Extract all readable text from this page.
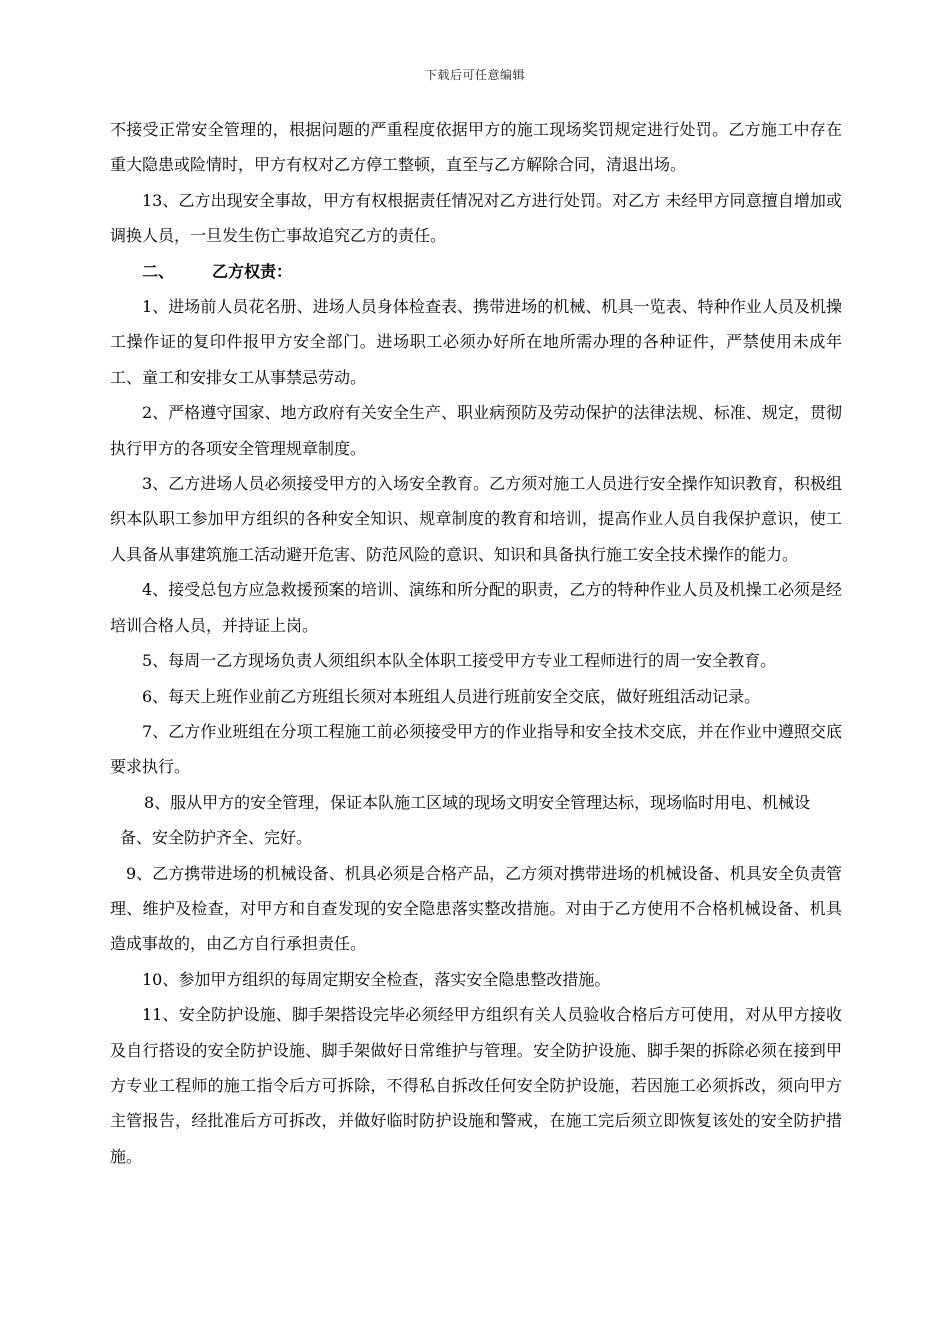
下载后可任意编辑

不接受正常安全管理的，根据问题的严重程度依据甲方的施工现场奖罚规定进行处罚。乙方施工中存在重大隐患或险情时，甲方有权对乙方停工整顿，直至与乙方解除合同，清退出场。

13、乙方出现安全事故，甲方有权根据责任情况对乙方进行处罚。对乙方 未经甲方同意擅自增加或调换人员，一旦发生伤亡事故追究乙方的责任。

二、 乙方权责：

1、进场前人员花名册、进场人员身体检查表、携带进场的机械、机具一览表、特种作业人员及机操工操作证的复印件报甲方安全部门。进场职工必须办好所在地所需办理的各种证件，严禁使用未成年工、童工和安排女工从事禁忌劳动。

2、严格遵守国家、地方政府有关安全生产、职业病预防及劳动保护的法律法规、标准、规定，贯彻执行甲方的各项安全管理规章制度。

3、乙方进场人员必须接受甲方的入场安全教育。乙方须对施工人员进行安全操作知识教育，积极组织本队职工参加甲方组织的各种安全知识、规章制度的教育和培训，提高作业人员自我保护意识，使工人具备从事建筑施工活动避开危害、防范风险的意识、知识和具备执行施工安全技术操作的能力。

4、接受总包方应急救援预案的培训、演练和所分配的职责，乙方的特种作业人员及机操工必须是经培训合格人员，并持证上岗。

5、每周一乙方现场负责人须组织本队全体职工接受甲方专业工程师进行的周一安全教育。

6、每天上班作业前乙方班组长须对本班组人员进行班前安全交底，做好班组活动记录。

7、乙方作业班组在分项工程施工前必须接受甲方的作业指导和安全技术交底，并在作业中遵照交底要求执行。

8、服从甲方的安全管理，保证本队施工区域的现场文明安全管理达标，现场临时用电、机械设

备、安全防护齐全、完好。

9、乙方携带进场的机械设备、机具必须是合格产品，乙方须对携带进场的机械设备、机具安全负责管理、维护及检查，对甲方和自查发现的安全隐患落实整改措施。对由于乙方使用不合格机械设备、机具造成事故的，由乙方自行承担责任。

10、参加甲方组织的每周定期安全检查，落实安全隐患整改措施。

11、安全防护设施、脚手架搭设完毕必须经甲方组织有关人员验收合格后方可使用，对从甲方接收及自行搭设的安全防护设施、脚手架做好日常维护与管理。安全防护设施、脚手架的拆除必须在接到甲方专业工程师的施工指令后方可拆除，不得私自拆改任何安全防护设施，若因施工必须拆改，须向甲方主管报告，经批准后方可拆改，并做好临时防护设施和警戒，在施工完后须立即恢复该处的安全防护措施。
